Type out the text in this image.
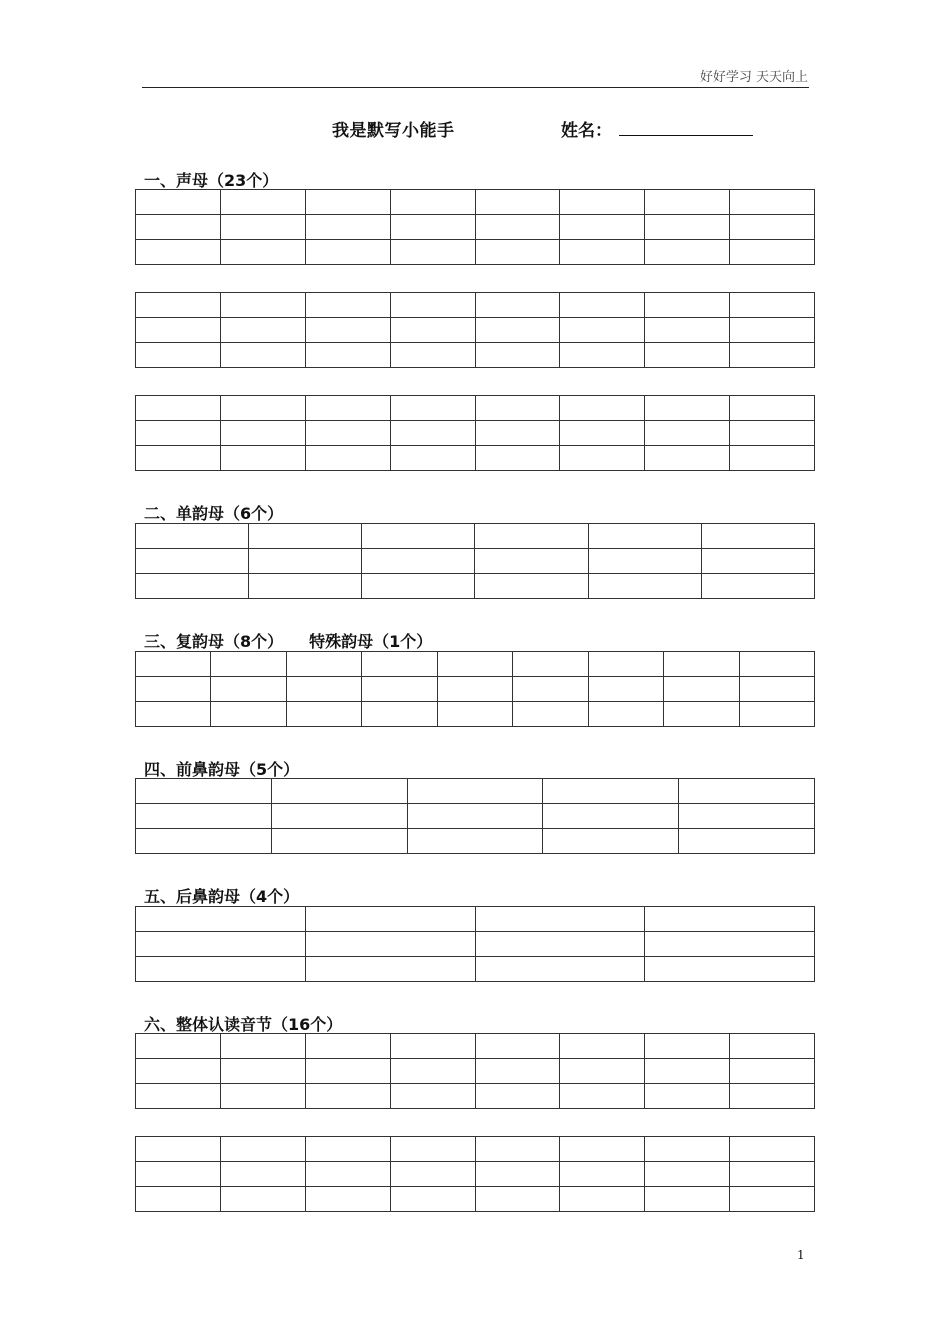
好好学习 天天向上
我是默写小能手	姓名：
一、声母（23个）

二、单韵母（6个）

三、复韵母（8个） 特殊韵母（1个）

四、前鼻韵母（5个）

五、后鼻韵母（4个）

六、整体认读音节（16个）

1
